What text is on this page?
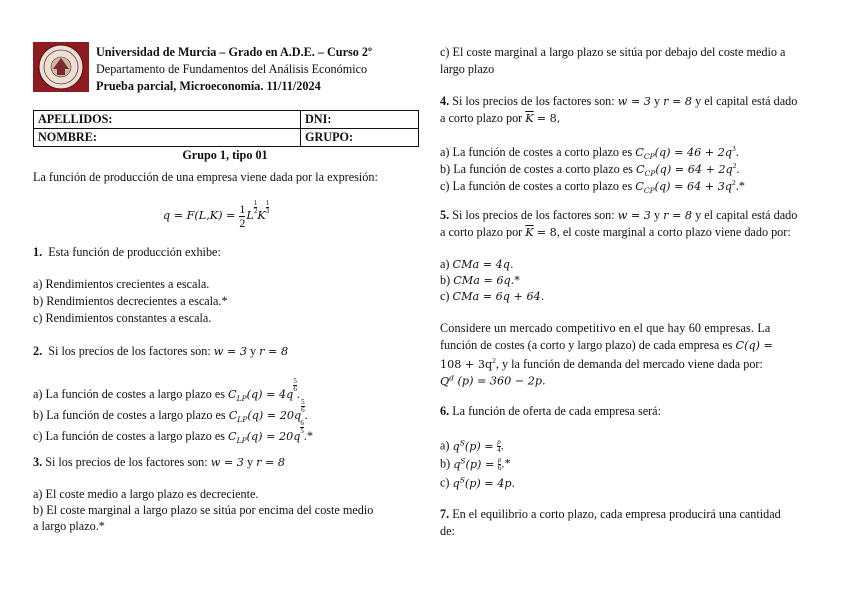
Universidad de Murcia – Grado en A.D.E. – Curso 2º
Departamento de Fundamentos del Análisis Económico
Prueba parcial, Microeconomía. 11/11/2024
APELLIDOS:	DNI:
NOMBRE:	GRUPO:
Grupo 1, tipo 01
La función de producción de una empresa viene dada por la expresión:
$q = F(L,K) = \frac{1}{2}$ L
$\frac{1}{2}$
K
$\frac{1}{3}$
1. Esta función de producción exhibe:
a) Rendimientos crecientes a escala.
b) Rendimientos decrecientes a escala.*
c) Rendimientos constantes a escala.
2. Si los precios de los factores son: w = 3 y r = 8
a) La función de costes a largo plazo es $C_{LP}(q) = 4q$
$\frac{5}{6}$
.
b) La función de costes a largo plazo es $C_{LP}(q) = 20q$
$\frac{5}{6}$
.
c) La función de costes a largo plazo es $C_{LP}(q) = 20q$
$\frac{6}{5}$
.*
3. Si los precios de los factores son: w = 3 y r = 8
a) El coste medio a largo plazo es decreciente.
b) El coste marginal a largo plazo se sitúa por encima del coste medio
a largo plazo.*
c) El coste marginal a largo plazo se sitúa por debajo del coste medio a
largo plazo
4. Si los precios de los factores son: w = 3 y r = 8 y el capital está dado
a corto plazo por $\overline{K} = 8$,
a) La función de costes a corto plazo es $C_{CP}(q) = 46 + 2q^3$.
b) La función de costes a corto plazo es $C_{CP}(q) = 64 + 2q^2$.
c) La función de costes a corto plazo es $C_{CP}(q) = 64 + 3q^2.*$
5. Si los precios de los factores son: w = 3 y r = 8 y el capital está dado
a corto plazo por $\overline{K} = 8$, el coste marginal a corto plazo viene dado por:
a) CMa = 4q.
b) CMa = 6q.*
c) CMa = 6q + 64.
Considere un mercado competitivo en el que hay 60 empresas. La
función de costes (a corto y largo plazo) de cada empresa es C(q) =
$108 + 3q^2$, y la función de demanda del mercado viene dada por:
$Q^d$ (p) = 360 − 2p.
6. La función de oferta de cada empresa será:
a) $q^S(p) = \frac{p}{4}$ .
b) $q^S(p) = \frac{p}{6}$ .*
c) $q^S(p) = 4p$.
7. En el equilibrio a corto plazo, cada empresa producirá una cantidad
de:
